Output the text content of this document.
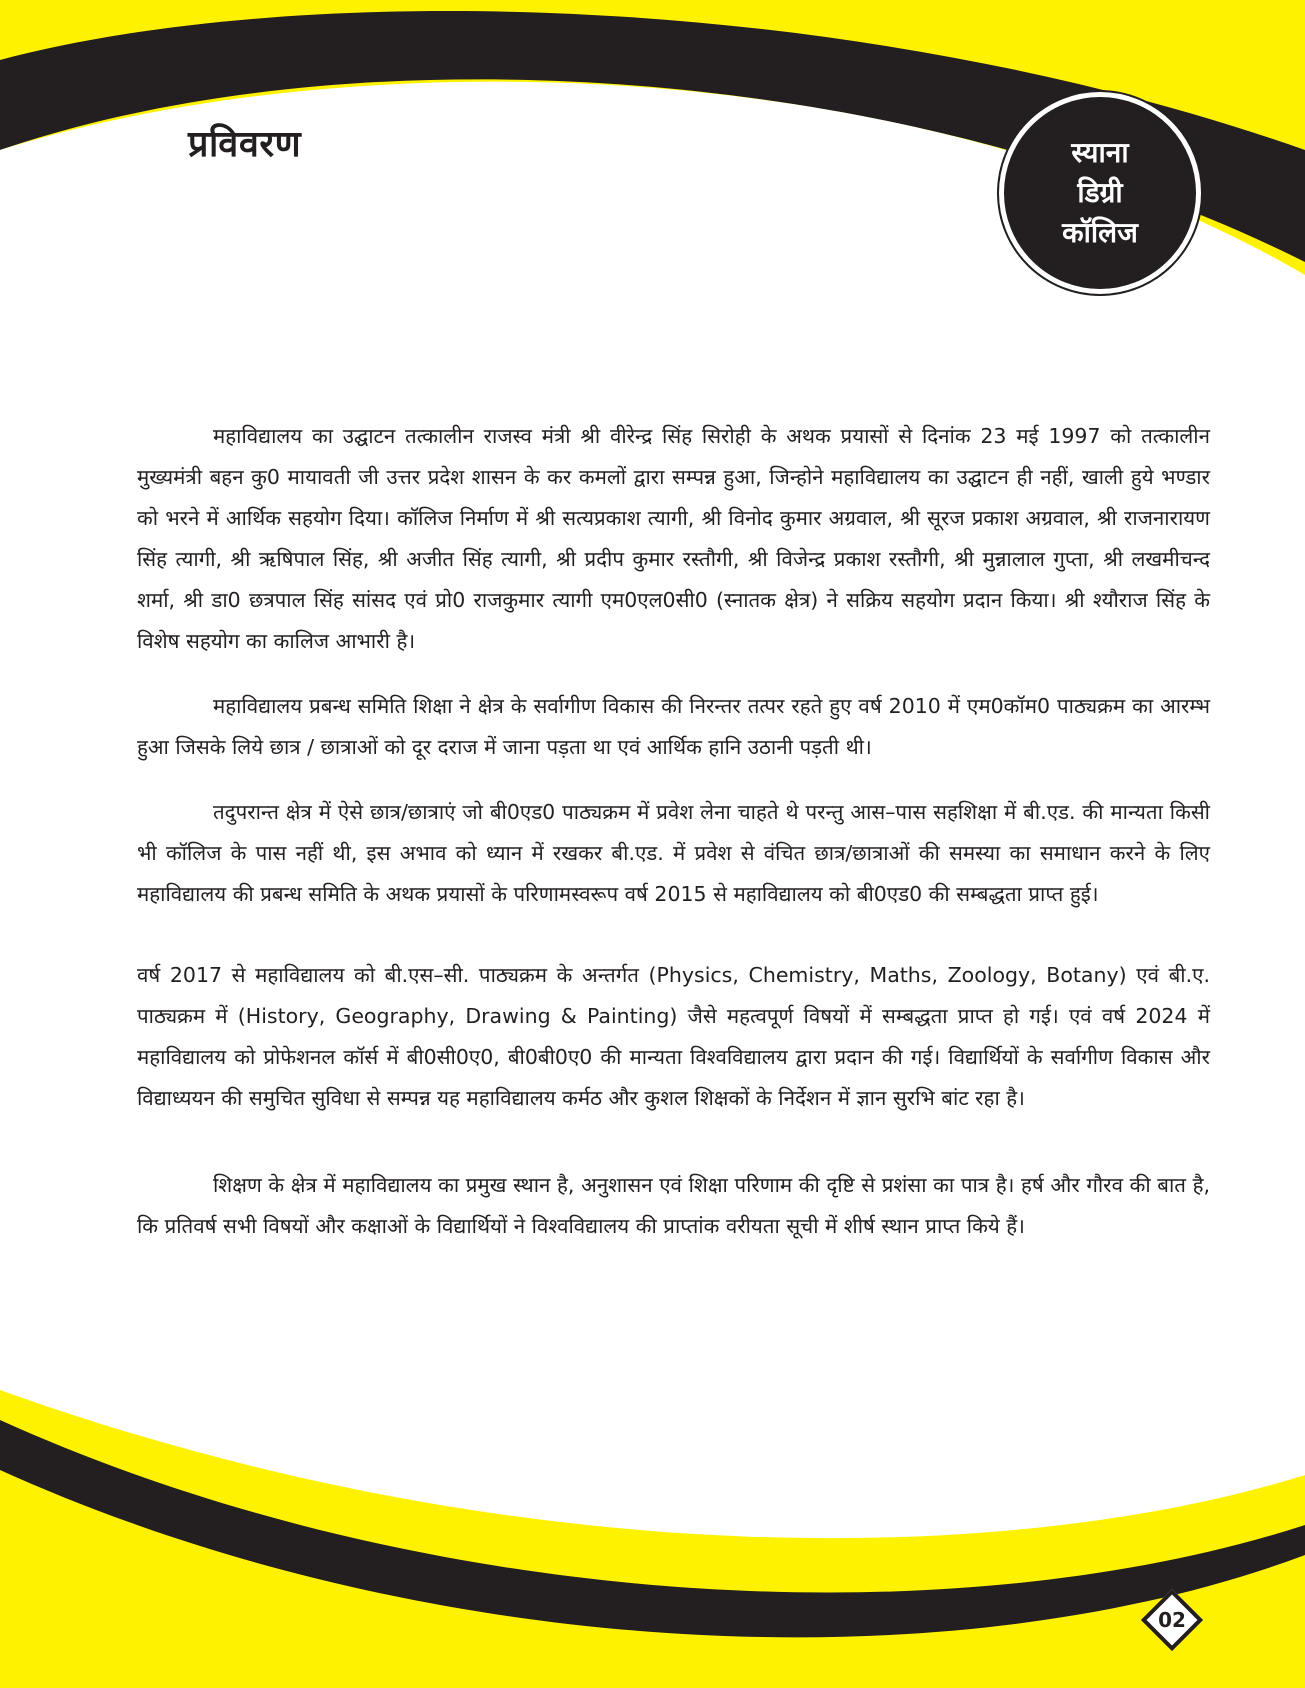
प्रविवरण	स्याना
डिग्री
कॉलिज

महाविद्यालय का उद्घाटन तत्कालीन राजस्व मंत्री श्री वीरेन्द्र सिंह सिरोही के अथक प्रयासों से दिनांक 23 मई 1997 को तत्कालीन मुख्यमंत्री बहन कु0 मायावती जी उत्तर प्रदेश शासन के कर कमलों द्वारा सम्पन्न हुआ, जिन्होने महाविद्यालय का उद्घाटन ही नहीं, खाली हुये भण्डार को भरने में आर्थिक सहयोग दिया। कॉलिज निर्माण में श्री सत्यप्रकाश त्यागी, श्री विनोद कुमार अग्रवाल, श्री सूरज प्रकाश अग्रवाल, श्री राजनारायण सिंह त्यागी, श्री ऋषिपाल सिंह, श्री अजीत सिंह त्यागी, श्री प्रदीप कुमार रस्तौगी, श्री विजेन्द्र प्रकाश रस्तौगी, श्री मुन्नालाल गुप्ता, श्री लखमीचन्द शर्मा, श्री डा0 छत्रपाल सिंह सांसद एवं प्रो0 राजकुमार त्यागी एम0एल0सी0 (स्नातक क्षेत्र) ने सक्रिय सहयोग प्रदान किया। श्री श्यौराज सिंह के विशेष सहयोग का कालिज आभारी है।

महाविद्यालय प्रबन्ध समिति शिक्षा ने क्षेत्र के सर्वागीण विकास की निरन्तर तत्पर रहते हुए वर्ष 2010 में एम0कॉम0 पाठ्यक्रम का आरम्भ हुआ जिसके लिये छात्र / छात्राओं को दूर दराज में जाना पड़ता था एवं आर्थिक हानि उठानी पड़ती थी।

तदुपरान्त क्षेत्र में ऐसे छात्र/छात्राएं जो बी0एड0 पाठ्यक्रम में प्रवेश लेना चाहते थे परन्तु आस–पास सहशिक्षा में बी.एड. की मान्यता किसी भी कॉलिज के पास नहीं थी, इस अभाव को ध्यान में रखकर बी.एड. में प्रवेश से वंचित छात्र/छात्राओं की समस्या का समाधान करने के लिए महाविद्यालय की प्रबन्ध समिति के अथक प्रयासों के परिणामस्वरूप वर्ष 2015 से महाविद्यालय को बी0एड0 की सम्बद्धता प्राप्त हुई।

वर्ष 2017 से महाविद्यालय को बी.एस–सी. पाठ्यक्रम के अन्तर्गत (Physics, Chemistry, Maths, Zoology, Botany) एवं बी.ए. पाठ्यक्रम में (History, Geography, Drawing & Painting) जैसे महत्वपूर्ण विषयों में सम्बद्धता प्राप्त हो गई। एवं वर्ष 2024 में महाविद्यालय को प्रोफेशनल कॉर्स में बी0सी0ए0, बी0बी0ए0 की मान्यता विश्वविद्यालय द्वारा प्रदान की गई। विद्यार्थियों के सर्वागीण विकास और विद्याध्ययन की समुचित सुविधा से सम्पन्न यह महाविद्यालय कर्मठ और कुशल शिक्षकों के निर्देशन में ज्ञान सुरभि बांट रहा है।

शिक्षण के क्षेत्र में महाविद्यालय का प्रमुख स्थान है, अनुशासन एवं शिक्षा परिणाम की दृष्टि से प्रशंसा का पात्र है। हर्ष और गौरव की बात है, कि प्रतिवर्ष सभी विषयों और कक्षाओं के विद्यार्थियों ने विश्वविद्यालय की प्राप्तांक वरीयता सूची में शीर्ष स्थान प्राप्त किये हैं।

02
